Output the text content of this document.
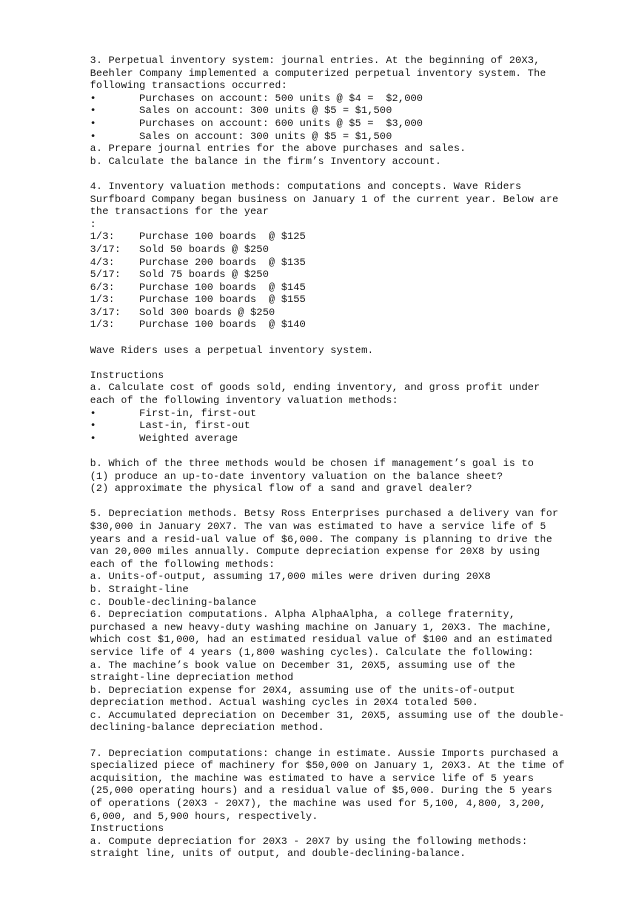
3. Perpetual inventory system: journal entries. At the beginning of 20X3,
Beehler Company implemented a computerized perpetual inventory system. The
following transactions occurred:
•       Purchases on account: 500 units @ $4 =  $2,000
•       Sales on account: 300 units @ $5 = $1,500
•       Purchases on account: 600 units @ $5 =  $3,000
•       Sales on account: 300 units @ $5 = $1,500
a. Prepare journal entries for the above purchases and sales.
b. Calculate the balance in the firm’s Inventory account.
4. Inventory valuation methods: computations and concepts. Wave Riders
Surfboard Company began business on January 1 of the current year. Below are
the transactions for the year
:
1/3:    Purchase 100 boards  @ $125
3/17:   Sold 50 boards @ $250
4/3:    Purchase 200 boards  @ $135
5/17:   Sold 75 boards @ $250
6/3:    Purchase 100 boards  @ $145
1/3:    Purchase 100 boards  @ $155
3/17:   Sold 300 boards @ $250
1/3:    Purchase 100 boards  @ $140
Wave Riders uses a perpetual inventory system.
Instructions
a. Calculate cost of goods sold, ending inventory, and gross profit under
each of the following inventory valuation methods:
•       First-in, first-out
•       Last-in, first-out
•       Weighted average
b. Which of the three methods would be chosen if management’s goal is to
(1) produce an up-to-date inventory valuation on the balance sheet?
(2) approximate the physical flow of a sand and gravel dealer?
5. Depreciation methods. Betsy Ross Enterprises purchased a delivery van for
$30,000 in January 20X7. The van was estimated to have a service life of 5
years and a resid-ual value of $6,000. The company is planning to drive the
van 20,000 miles annually. Compute depreciation expense for 20X8 by using
each of the following methods:
a. Units-of-output, assuming 17,000 miles were driven during 20X8
b. Straight-line
c. Double-declining-balance
6. Depreciation computations. Alpha AlphaAlpha, a college fraternity,
purchased a new heavy-duty washing machine on January 1, 20X3. The machine,
which cost $1,000, had an estimated residual value of $100 and an estimated
service life of 4 years (1,800 washing cycles). Calculate the following:
a. The machine’s book value on December 31, 20X5, assuming use of the
straight-line depreciation method
b. Depreciation expense for 20X4, assuming use of the units-of-output
depreciation method. Actual washing cycles in 20X4 totaled 500.
c. Accumulated depreciation on December 31, 20X5, assuming use of the double-
declining-balance depreciation method.
7. Depreciation computations: change in estimate. Aussie Imports purchased a
specialized piece of machinery for $50,000 on January 1, 20X3. At the time of
acquisition, the machine was estimated to have a service life of 5 years
(25,000 operating hours) and a residual value of $5,000. During the 5 years
of operations (20X3 - 20X7), the machine was used for 5,100, 4,800, 3,200,
6,000, and 5,900 hours, respectively.
Instructions
a. Compute depreciation for 20X3 - 20X7 by using the following methods:
straight line, units of output, and double-declining-balance.
